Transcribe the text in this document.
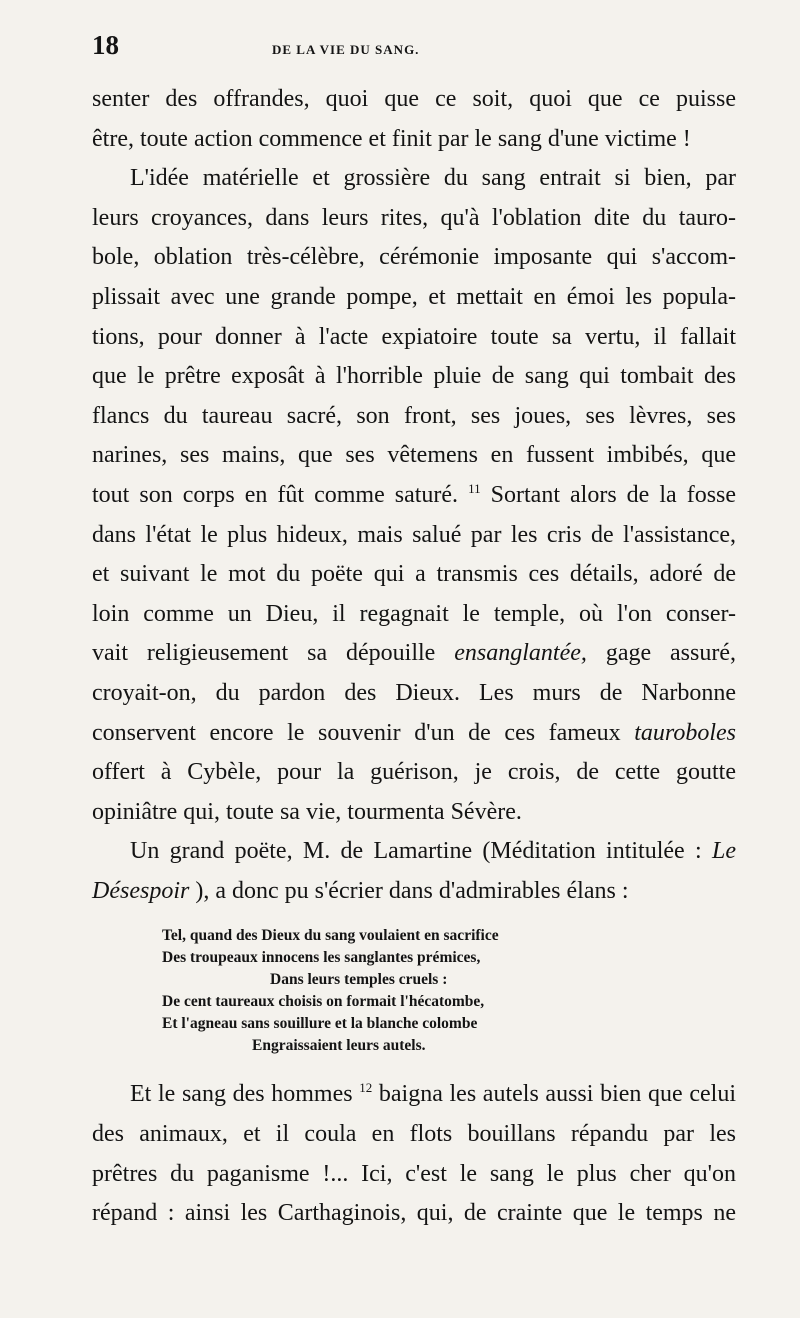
18	DE LA VIE DU SANG.

senter des offrandes, quoi que ce soit, quoi que ce puisse
être, toute action commence et finit par le sang d'une victime !

L'idée matérielle et grossière du sang entrait si bien, par
leurs croyances, dans leurs rites, qu'à l'oblation dite du tauro-
bole, oblation très-célèbre, cérémonie imposante qui s'accom-
plissait avec une grande pompe, et mettait en émoi les popula-
tions, pour donner à l'acte expiatoire toute sa vertu, il fallait
que le prêtre exposât à l'horrible pluie de sang qui tombait des
flancs du taureau sacré, son front, ses joues, ses lèvres, ses
narines, ses mains, que ses vêtemens en fussent imbibés, que
tout son corps en fût comme saturé. $^{11}$ Sortant alors de la fosse
dans l'état le plus hideux, mais salué par les cris de l'assistance,
et suivant le mot du poëte qui a transmis ces détails, adoré de
loin comme un Dieu, il regagnait le temple, où l'on conser-
vait religieusement sa dépouille ensanglantée, gage assuré,
croyait-on, du pardon des Dieux. Les murs de Narbonne
conservent encore le souvenir d'un de ces fameux tauroboles
offert à Cybèle, pour la guérison, je crois, de cette goutte
opiniâtre qui, toute sa vie, tourmenta Sévère.

Un grand poëte, M. de Lamartine (Méditation intitulée : Le
Désespoir ), a donc pu s'écrier dans d'admirables élans :

Tel, quand des Dieux du sang voulaient en sacrifice
Des troupeaux innocens les sanglantes prémices,
Dans leurs temples cruels :
De cent taureaux choisis on formait l'hécatombe,
Et l'agneau sans souillure et la blanche colombe
Engraissaient leurs autels.

Et le sang des hommes $^{12}$ baigna les autels aussi bien que celui
des animaux, et il coula en flots bouillans répandu par les
prêtres du paganisme !... Ici, c'est le sang le plus cher qu'on
répand : ainsi les Carthaginois, qui, de crainte que le temps ne
